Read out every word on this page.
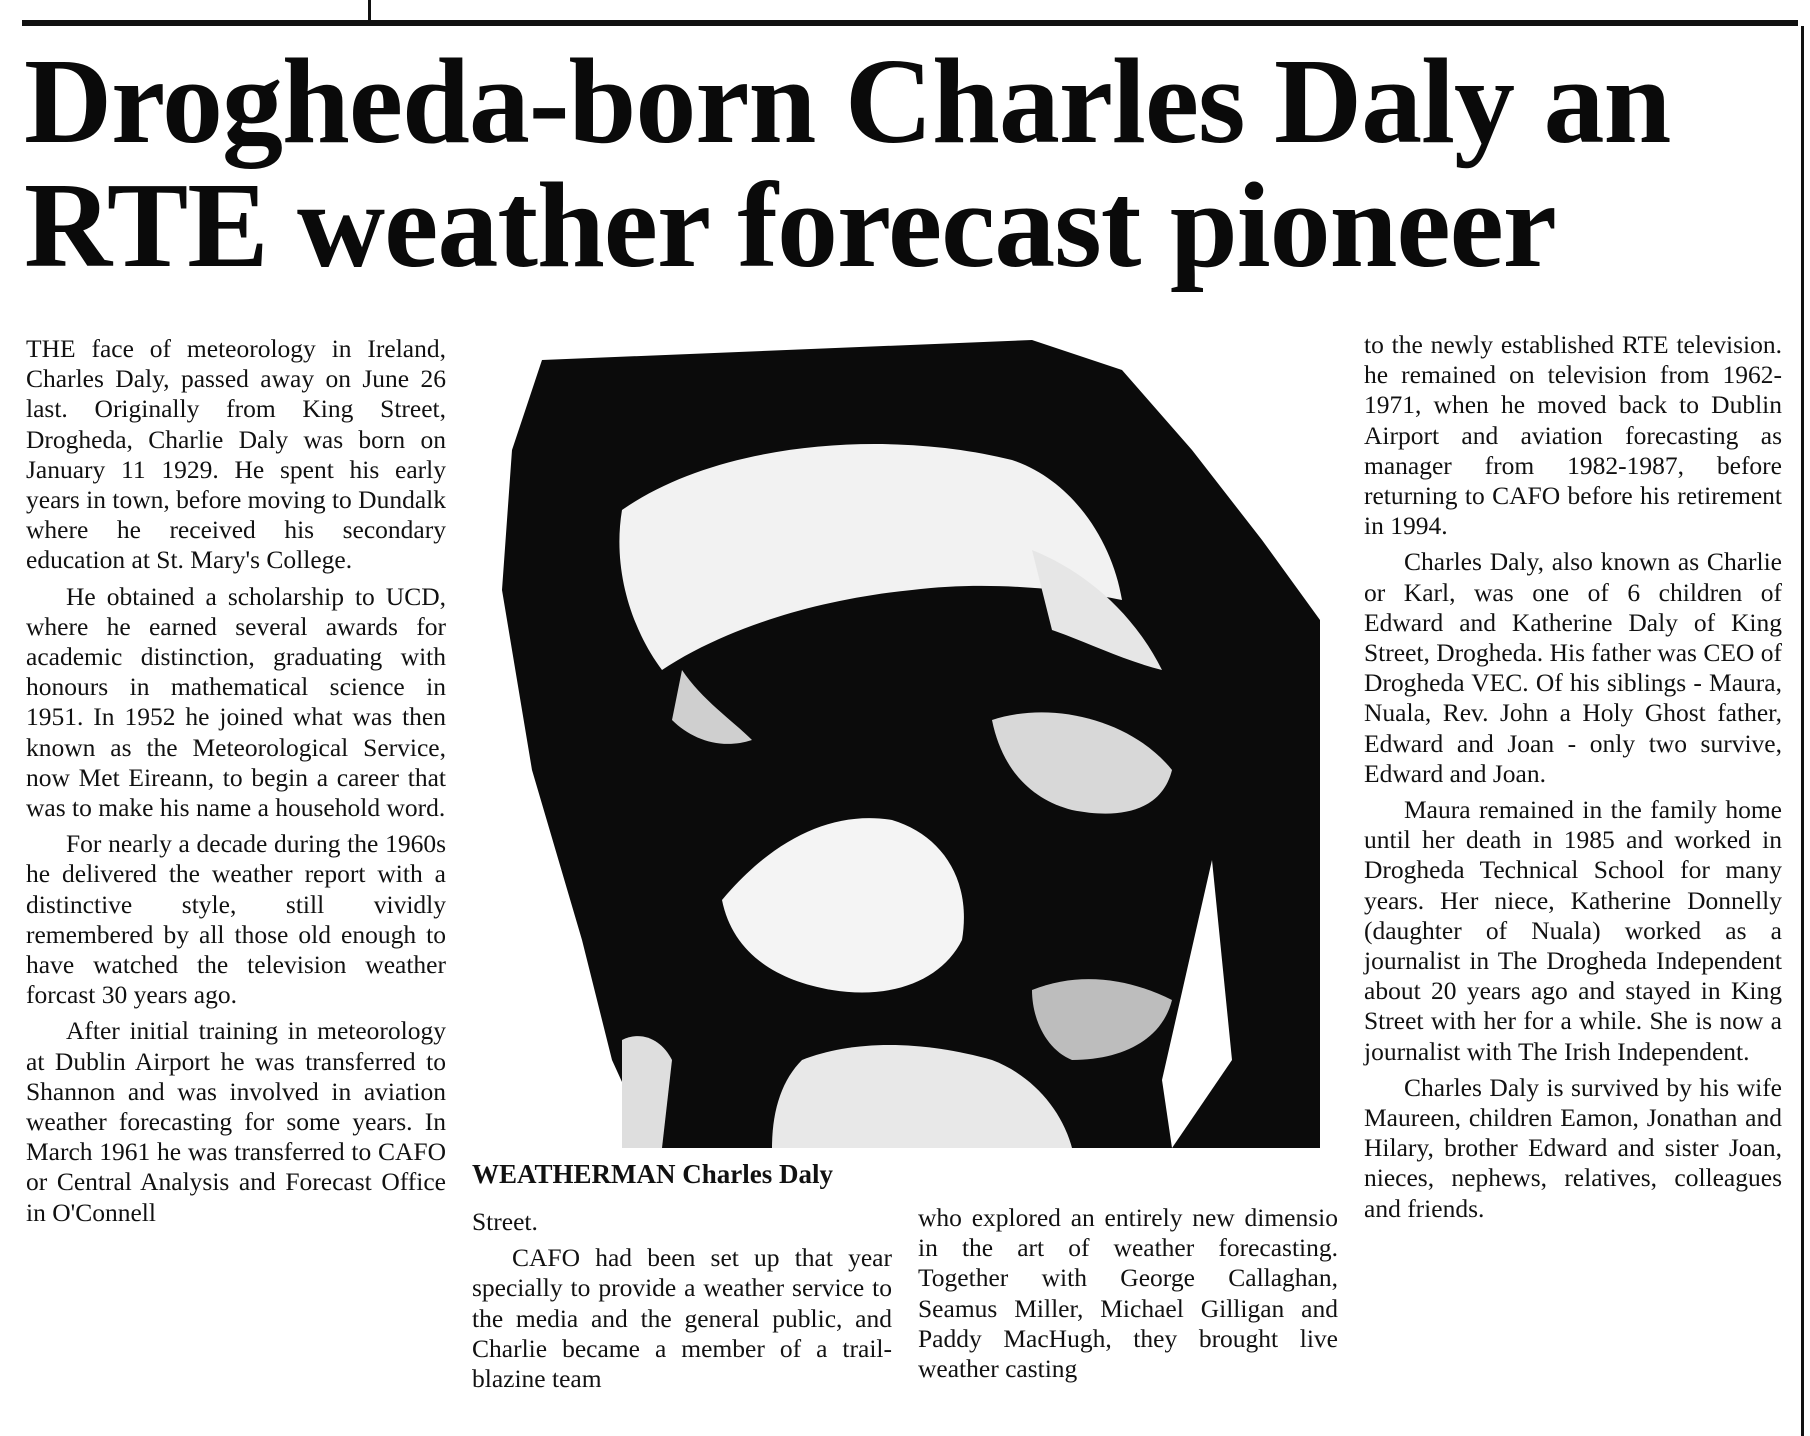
Drogheda-born Charles Daly an RTE weather forecast pioneer

THE face of meteorology in Ireland, Charles Daly, passed away on June 26 last. Originally from King Street, Drogheda, Charlie Daly was born on January 11 1929. He spent his early years in town, before moving to Dundalk where he received his secondary education at St. Mary's College.

He obtained a scholarship to UCD, where he earned several awards for academic distinction, graduating with honours in mathematical science in 1951. In 1952 he joined what was then known as the Meteorological Service, now Met Eireann, to begin a career that was to make his name a household word.

For nearly a decade during the 1960s he delivered the weather report with a distinctive style, still vividly remembered by all those old enough to have watched the television weather forcast 30 years ago.

After initial training in meteorology at Dublin Airport he was transferred to Shannon and was involved in aviation weather forecasting for some years. In March 1961 he was transferred to CAFO or Central Analysis and Forecast Office in O'Connell

WEATHERMAN Charles Daly

Street.

CAFO had been set up that year specially to provide a weather service to the media and the general public, and Charlie became a member of a trail-blazine team

who explored an entirely new dimensio in the art of weather forecasting. Together with George Callaghan, Seamus Miller, Michael Gilligan and Paddy MacHugh, they brought live weather casting

to the newly established RTE television. he remained on television from 1962-1971, when he moved back to Dublin Airport and aviation forecasting as manager from 1982-1987, before returning to CAFO before his retirement in 1994.

Charles Daly, also known as Charlie or Karl, was one of 6 children of Edward and Katherine Daly of King Street, Drogheda. His father was CEO of Drogheda VEC. Of his siblings - Maura, Nuala, Rev. John a Holy Ghost father, Edward and Joan - only two survive, Edward and Joan.

Maura remained in the family home until her death in 1985 and worked in Drogheda Technical School for many years. Her niece, Katherine Donnelly (daughter of Nuala) worked as a journalist in The Drogheda Independent about 20 years ago and stayed in King Street with her for a while. She is now a journalist with The Irish Independent.

Charles Daly is survived by his wife Maureen, children Eamon, Jonathan and Hilary, brother Edward and sister Joan, nieces, nephews, relatives, colleagues and friends.
